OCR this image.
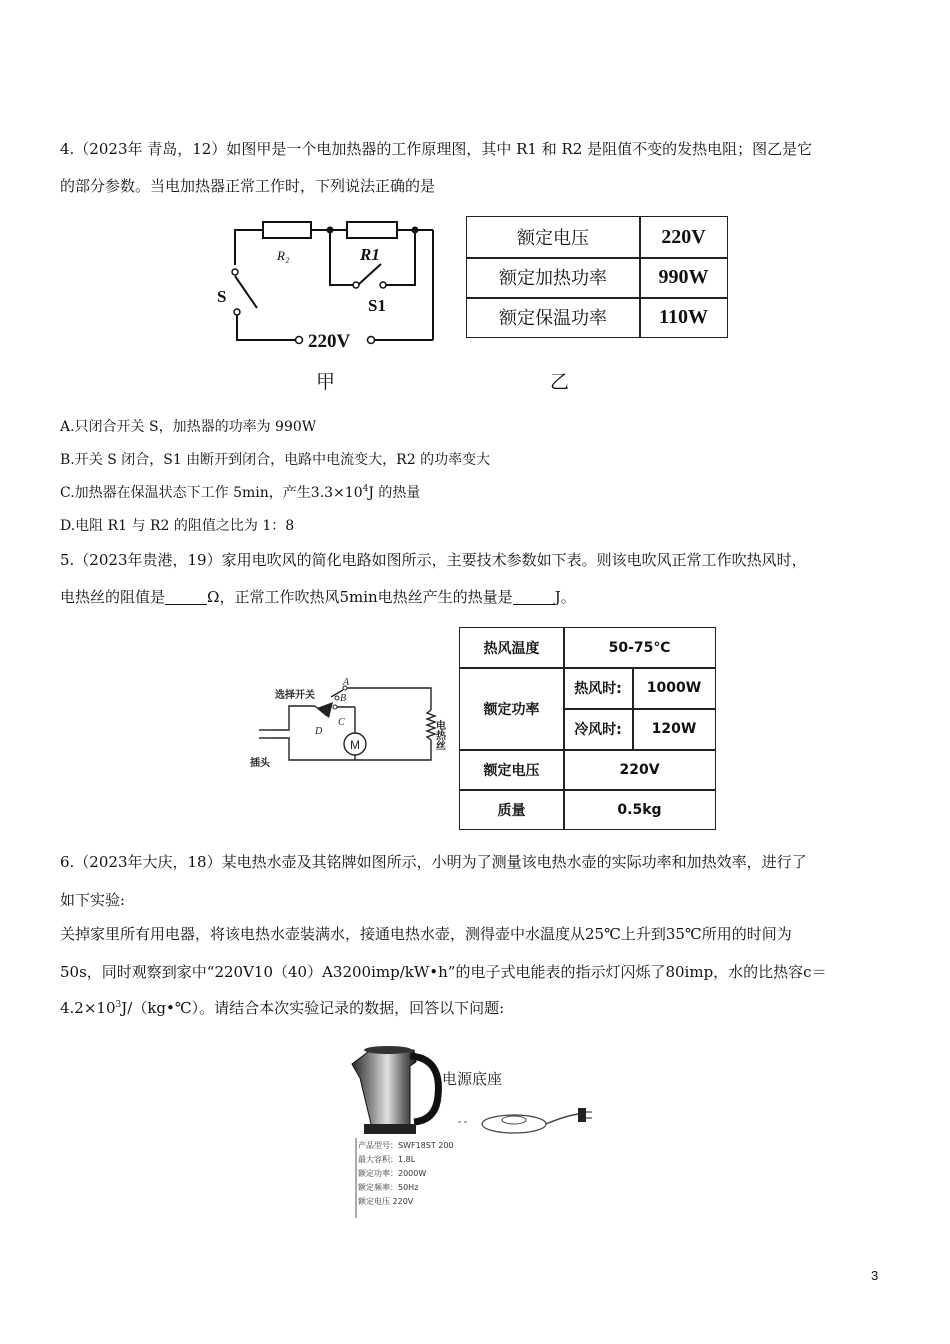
4.（2023年 青岛，12）如图甲是一个电加热器的工作原理图，其中 R1 和 R2 是阻值不变的发热电阻；图乙是它
的部分参数。当电加热器正常工作时，下列说法正确的是
R₂	R1
S	S1
220V
甲	乙
额定电压	220V
额定加热功率	990W
额定保温功率	110W
A.只闭合开关 S，加热器的功率为 990W
B.开关 S 闭合，S1 由断开到闭合，电路中电流变大，R2 的功率变大
C.加热器在保温状态下工作 5min，产生$3.3\times 10^4J$ 的热量
D.电阻 R1 与 R2 的阻值之比为 1：8
5.（2023年贵港，19）家用电吹风的简化电路如图所示，主要技术参数如下表。则该电吹风正常工作吹热风时，
电热丝的阻值是	Ω，正常工作吹热风5min电热丝产生的热量是	J。
M
选择开关
插头
A
B
C
D	电热丝
热风温度	50-75℃
额定功率
热风时:	1000W
冷风时:	120W
额定电压	220V
质量	0.5kg
6.（2023年大庆，18）某电热水壶及其铭牌如图所示，小明为了测量该电热水壶的实际功率和加热效率，进行了
如下实验:
关掉家里所有用电器，将该电热水壶装满水，接通电热水壶，测得壶中水温度从25℃上升到35℃所用的时间为
50s，同时观察到家中“220V10（40）A3200imp/kW•h”的电子式电能表的指示灯闪烁了80imp，水的比热容c＝
$4.2\times 10^3J/(kg•℃)$。请结合本次实验记录的数据，回答以下问题:
电源底座
产品型号：SWF18ST 200
最大容积：1.8L
额定功率：2000W
额定频率：50Hz
额定电压 220V
3
